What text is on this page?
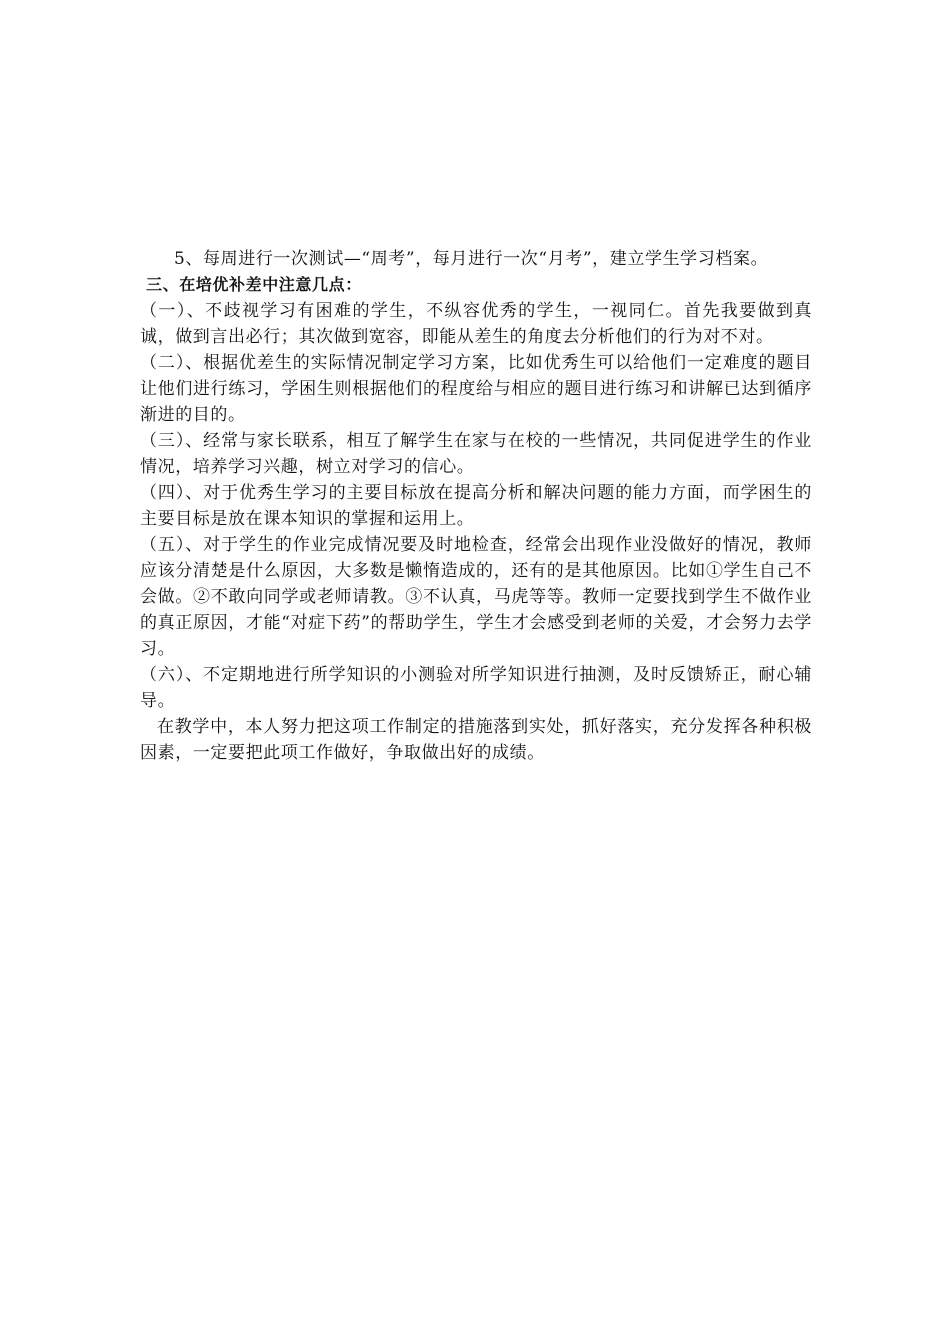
5、每周进行一次测试—“周考”，每月进行一次“月考”，建立学生学习档案。

三、在培优补差中注意几点：

（一）、不歧视学习有困难的学生，不纵容优秀的学生，一视同仁。首先我要做到真诚，做到言出必行；其次做到宽容，即能从差生的角度去分析他们的行为对不对。

（二）、根据优差生的实际情况制定学习方案，比如优秀生可以给他们一定难度的题目让他们进行练习，学困生则根据他们的程度给与相应的题目进行练习和讲解已达到循序渐进的目的。

（三）、经常与家长联系，相互了解学生在家与在校的一些情况，共同促进学生的作业情况，培养学习兴趣，树立对学习的信心。

（四）、对于优秀生学习的主要目标放在提高分析和解决问题的能力方面，而学困生的主要目标是放在课本知识的掌握和运用上。

（五）、对于学生的作业完成情况要及时地检查，经常会出现作业没做好的情况，教师应该分清楚是什么原因，大多数是懒惰造成的，还有的是其他原因。比如①学生自己不会做。②不敢向同学或老师请教。③不认真，马虎等等。教师一定要找到学生不做作业的真正原因，才能“对症下药”的帮助学生，学生才会感受到老师的关爱，才会努力去学习。

（六）、不定期地进行所学知识的小测验对所学知识进行抽测，及时反馈矫正，耐心辅导。

在教学中，本人努力把这项工作制定的措施落到实处，抓好落实，充分发挥各种积极因素，一定要把此项工作做好，争取做出好的成绩。
